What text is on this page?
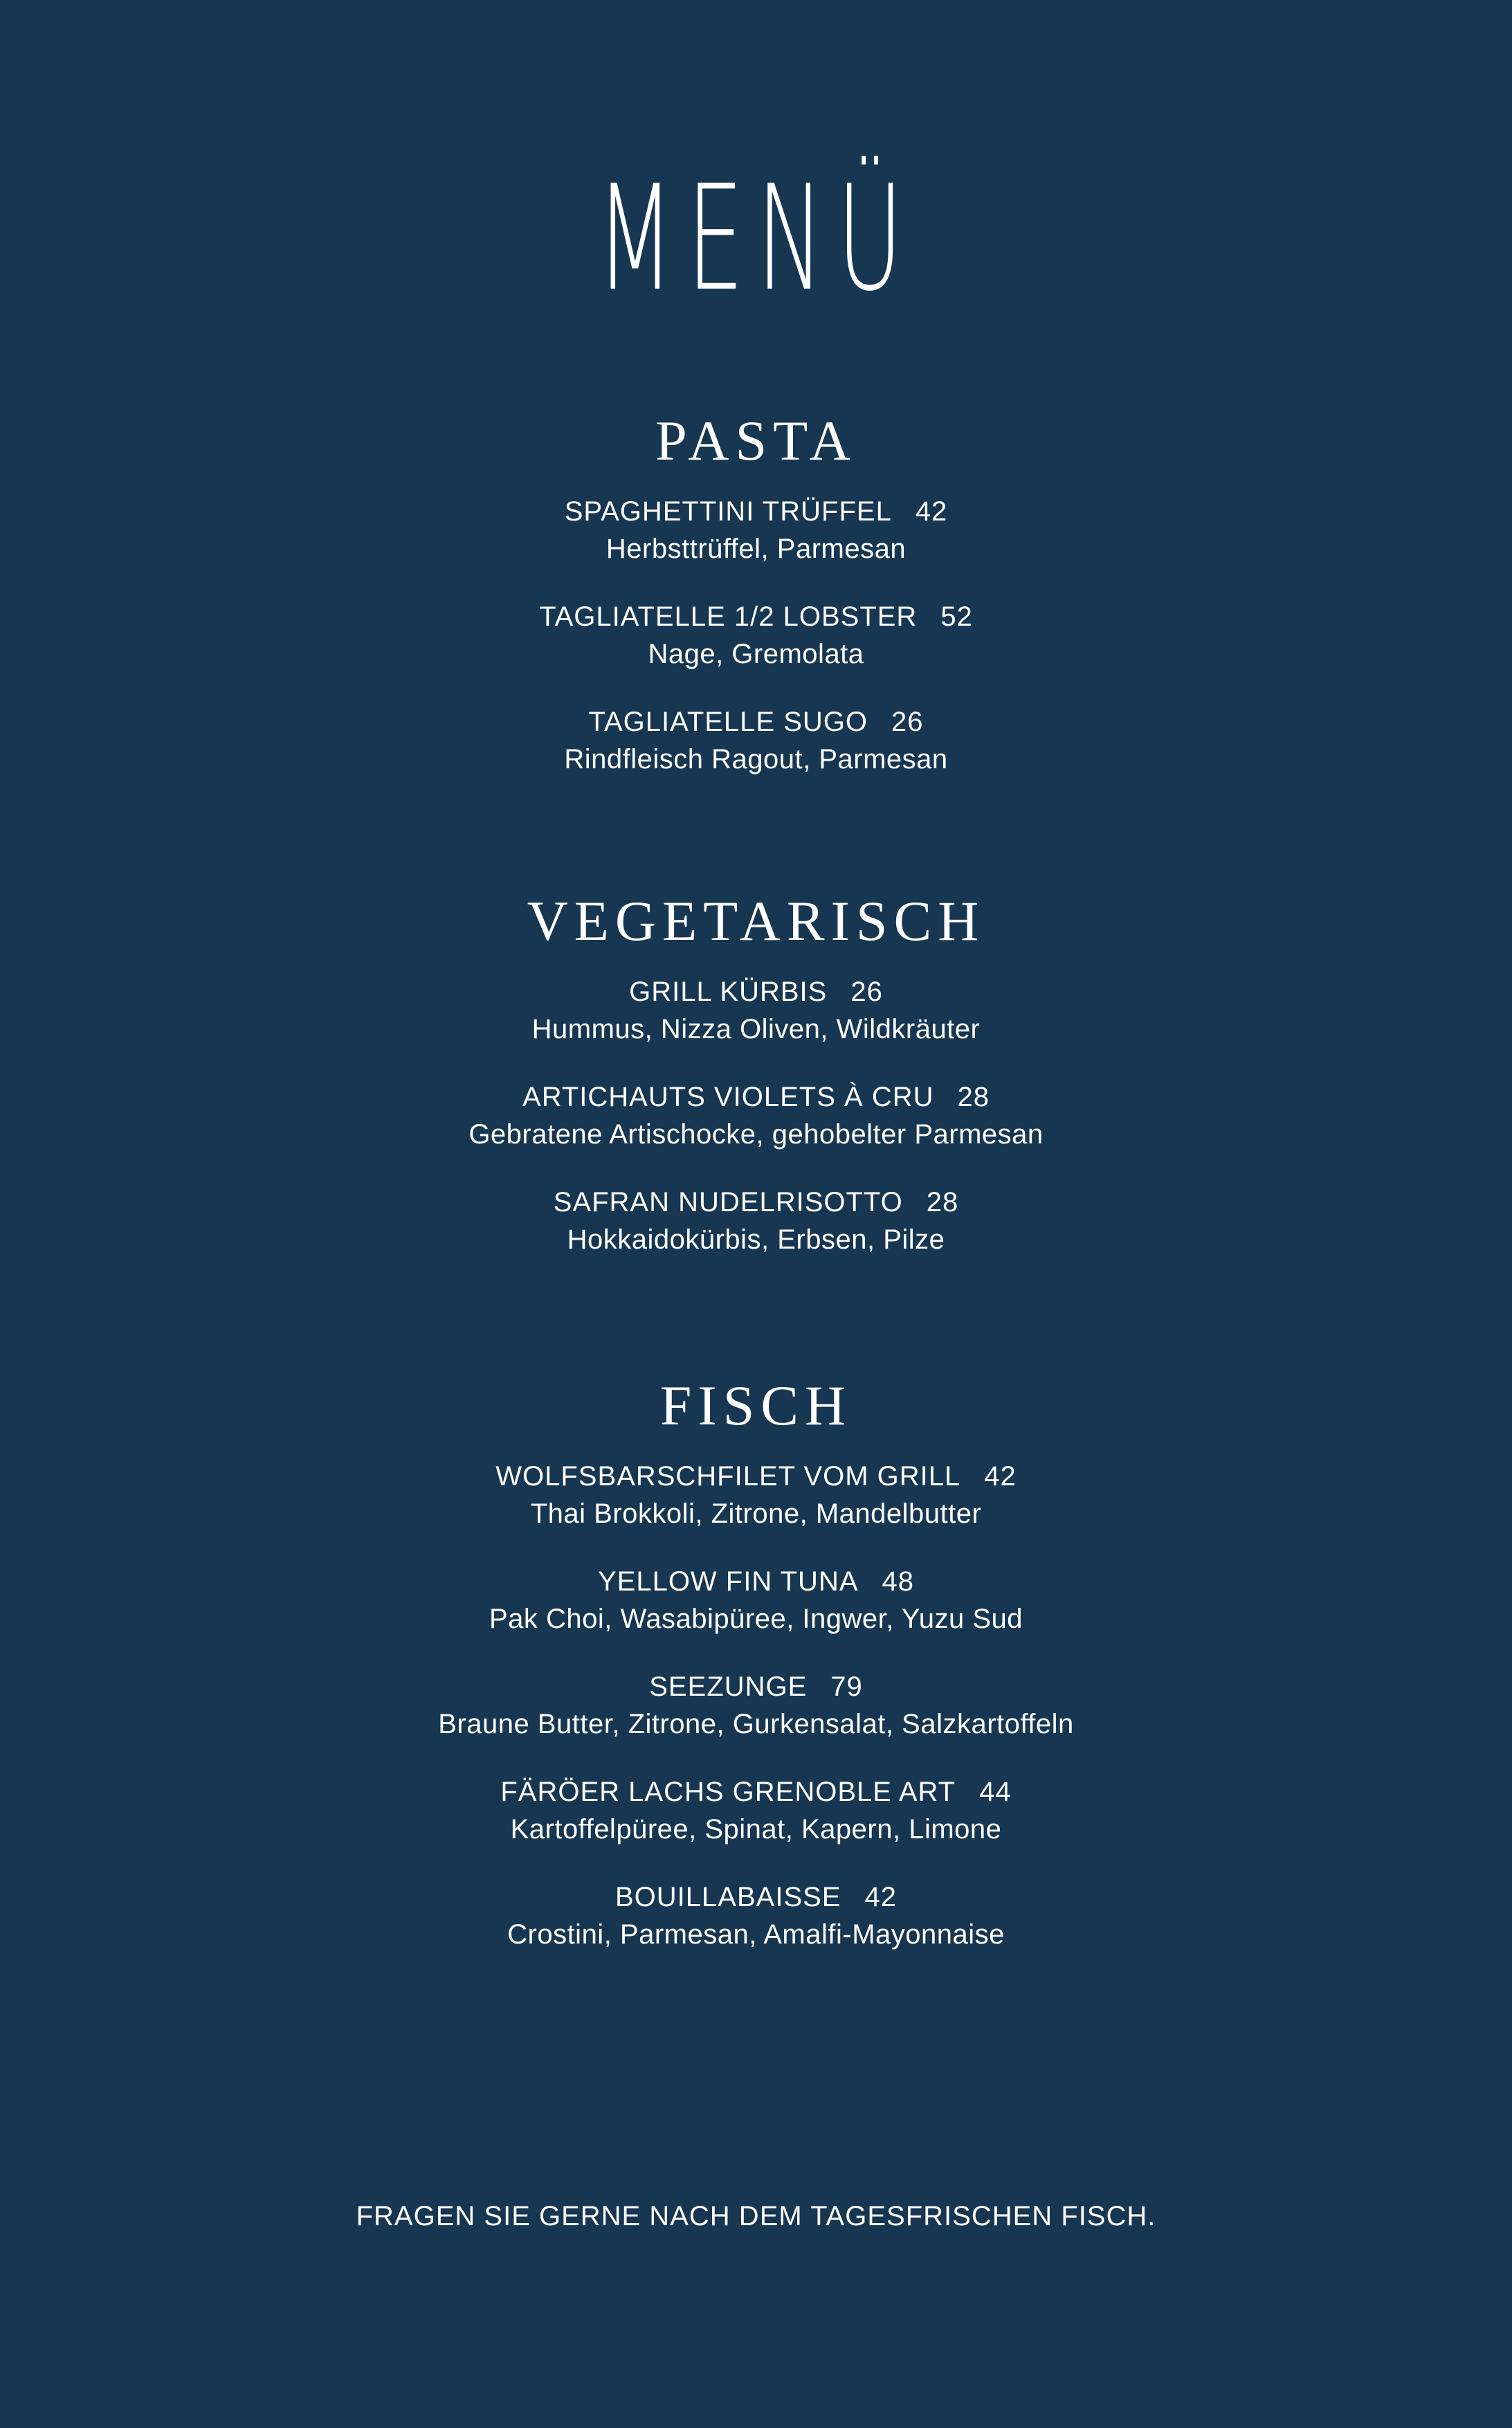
MENÜ
PASTA
SPAGHETTINI TRÜFFEL 42
Herbsttrüffel, Parmesan
TAGLIATELLE 1/2 LOBSTER 52
Nage, Gremolata
TAGLIATELLE SUGO 26
Rindfleisch Ragout, Parmesan
VEGETARISCH
GRILL KÜRBIS 26
Hummus, Nizza Oliven, Wildkräuter
ARTICHAUTS VIOLETS À CRU 28
Gebratene Artischocke, gehobelter Parmesan
SAFRAN NUDELRISOTTO 28
Hokkaidokürbis, Erbsen, Pilze
FISCH
WOLFSBARSCHFILET VOM GRILL 42
Thai Brokkoli, Zitrone, Mandelbutter
YELLOW FIN TUNA 48
Pak Choi, Wasabipüree, Ingwer, Yuzu Sud
SEEZUNGE 79
Braune Butter, Zitrone, Gurkensalat, Salzkartoffeln
FÄRÖER LACHS GRENOBLE ART 44
Kartoffelpüree, Spinat, Kapern, Limone
BOUILLABAISSE 42
Crostini, Parmesan, Amalfi-Mayonnaise
FRAGEN SIE GERNE NACH DEM TAGESFRISCHEN FISCH.
